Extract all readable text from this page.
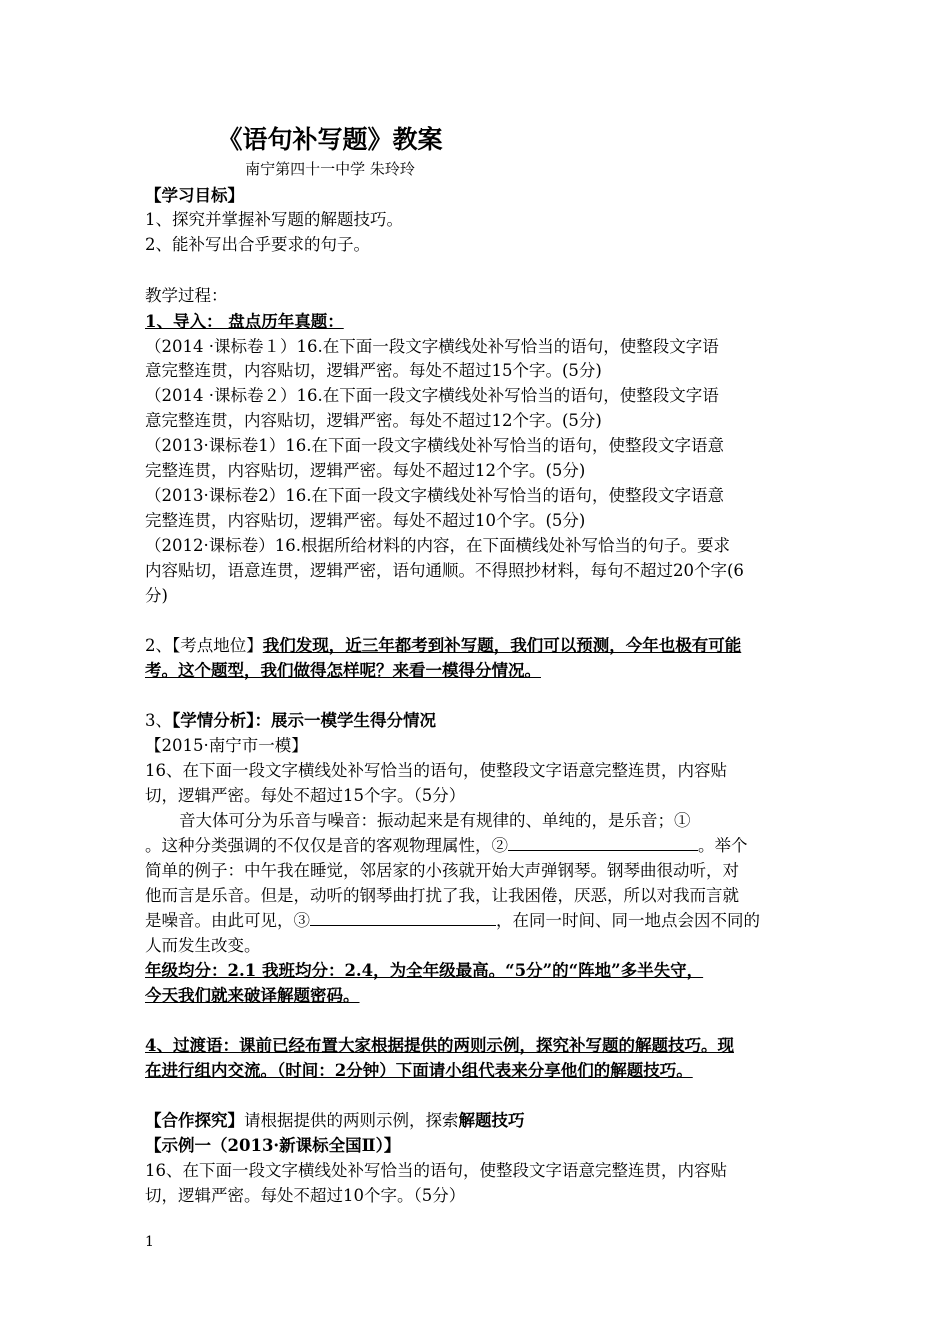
《语句补写题》教案
南宁第四十一中学 朱玲玲
【学习目标】
1、探究并掌握补写题的解题技巧。
2、能补写出合乎要求的句子。
教学过程：
1、导入： 盘点历年真题：
（2014 ·课标卷１）16.在下面一段文字横线处补写恰当的语句，使整段文字语
意完整连贯，内容贴切，逻辑严密。每处不超过15个字。(5分)
（2014 ·课标卷２）16.在下面一段文字横线处补写恰当的语句，使整段文字语
意完整连贯，内容贴切，逻辑严密。每处不超过12个字。(5分)
（2013·课标卷1）16.在下面一段文字横线处补写恰当的语句，使整段文字语意
完整连贯，内容贴切，逻辑严密。每处不超过12个字。(5分)
（2013·课标卷2）16.在下面一段文字横线处补写恰当的语句，使整段文字语意
完整连贯，内容贴切，逻辑严密。每处不超过10个字。(5分)
（2012·课标卷）16.根据所给材料的内容，在下面横线处补写恰当的句子。要求
内容贴切，语意连贯，逻辑严密，语句通顺。不得照抄材料，每句不超过20个字(6
分)
2、【考点地位】我们发现，近三年都考到补写题，我们可以预测，今年也极有可能
考。这个题型，我们做得怎样呢？来看一模得分情况。
3、【学情分析】：展示一模学生得分情况
【2015·南宁市一模】
16、在下面一段文字横线处补写恰当的语句，使整段文字语意完整连贯，内容贴
切，逻辑严密。每处不超过15个字。（5分）
音大体可分为乐音与噪音：振动起来是有规律的、单纯的，是乐音；①
。这种分类强调的不仅仅是音的客观物理属性，②	。举个
简单的例子：中午我在睡觉，邻居家的小孩就开始大声弹钢琴。钢琴曲很动听，对
他而言是乐音。但是，动听的钢琴曲打扰了我，让我困倦，厌恶，所以对我而言就
是噪音。由此可见，③	，在同一时间、同一地点会因不同的
人而发生改变。
年级均分：2.1 我班均分：2.4，为全年级最高。“5分”的“阵地”多半失守，
今天我们就来破译解题密码。
4、过渡语：课前已经布置大家根据提供的两则示例，探究补写题的解题技巧。现
在进行组内交流。（时间：2分钟）下面请小组代表来分享他们的解题技巧。
【合作探究】请根据提供的两则示例，探索解题技巧
【示例一（2013·新课标全国Ⅱ）】
16、在下面一段文字横线处补写恰当的语句，使整段文字语意完整连贯，内容贴
切，逻辑严密。每处不超过10个字。（5分）
1
